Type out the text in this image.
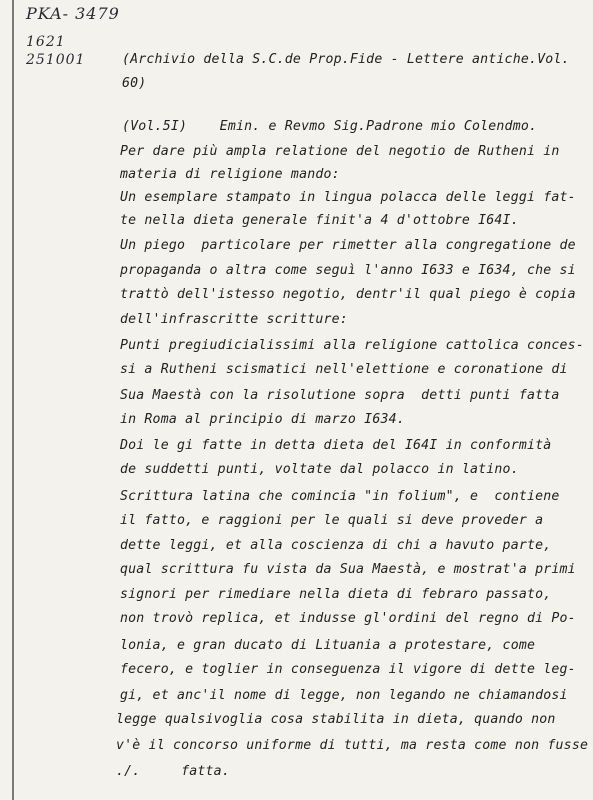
PKA- 3479
1621
251001	(Archivio della S.C.de Prop.Fide - Lettere antiche.Vol.
60)
(Vol.5I)    Emin. e Revmo Sig.Padrone mio Colendmo.
Per dare più ampla relatione del negotio de Rutheni in
materia di religione mando:
Un esemplare stampato in lingua polacca delle leggi fat-
te nella dieta generale finit'a 4 d'ottobre I64I.
Un piego  particolare per rimetter alla congregatione de
propaganda o altra come seguì l'anno I633 e I634, che si
trattò dell'istesso negotio, dentr'il qual piego è copia
dell'infrascritte scritture:
Punti pregiudicialissimi alla religione cattolica conces-
si a Rutheni scismatici nell'elettione e coronatione di
Sua Maestà con la risolutione sopra  detti punti fatta
in Roma al principio di marzo I634.
Doi le gi fatte in detta dieta del I64I in conformità
de suddetti punti, voltate dal polacco in latino.
Scrittura latina che comincia "in folium", e  contiene
il fatto, e raggioni per le quali si deve proveder a
dette leggi, et alla coscienza di chi a havuto parte,
qual scrittura fu vista da Sua Maestà, e mostrat'a primi
signori per rimediare nella dieta di febraro passato,
non trovò replica, et indusse gl'ordini del regno di Po-
lonia, e gran ducato di Lituania a protestare, come
fecero, e toglier in conseguenza il vigore di dette leg-
gi, et anc'il nome di legge, non legando ne chiamandosi
legge qualsivoglia cosa stabilita in dieta, quando non
v'è il concorso uniforme di tutti, ma resta come non fusse
./.     fatta.
